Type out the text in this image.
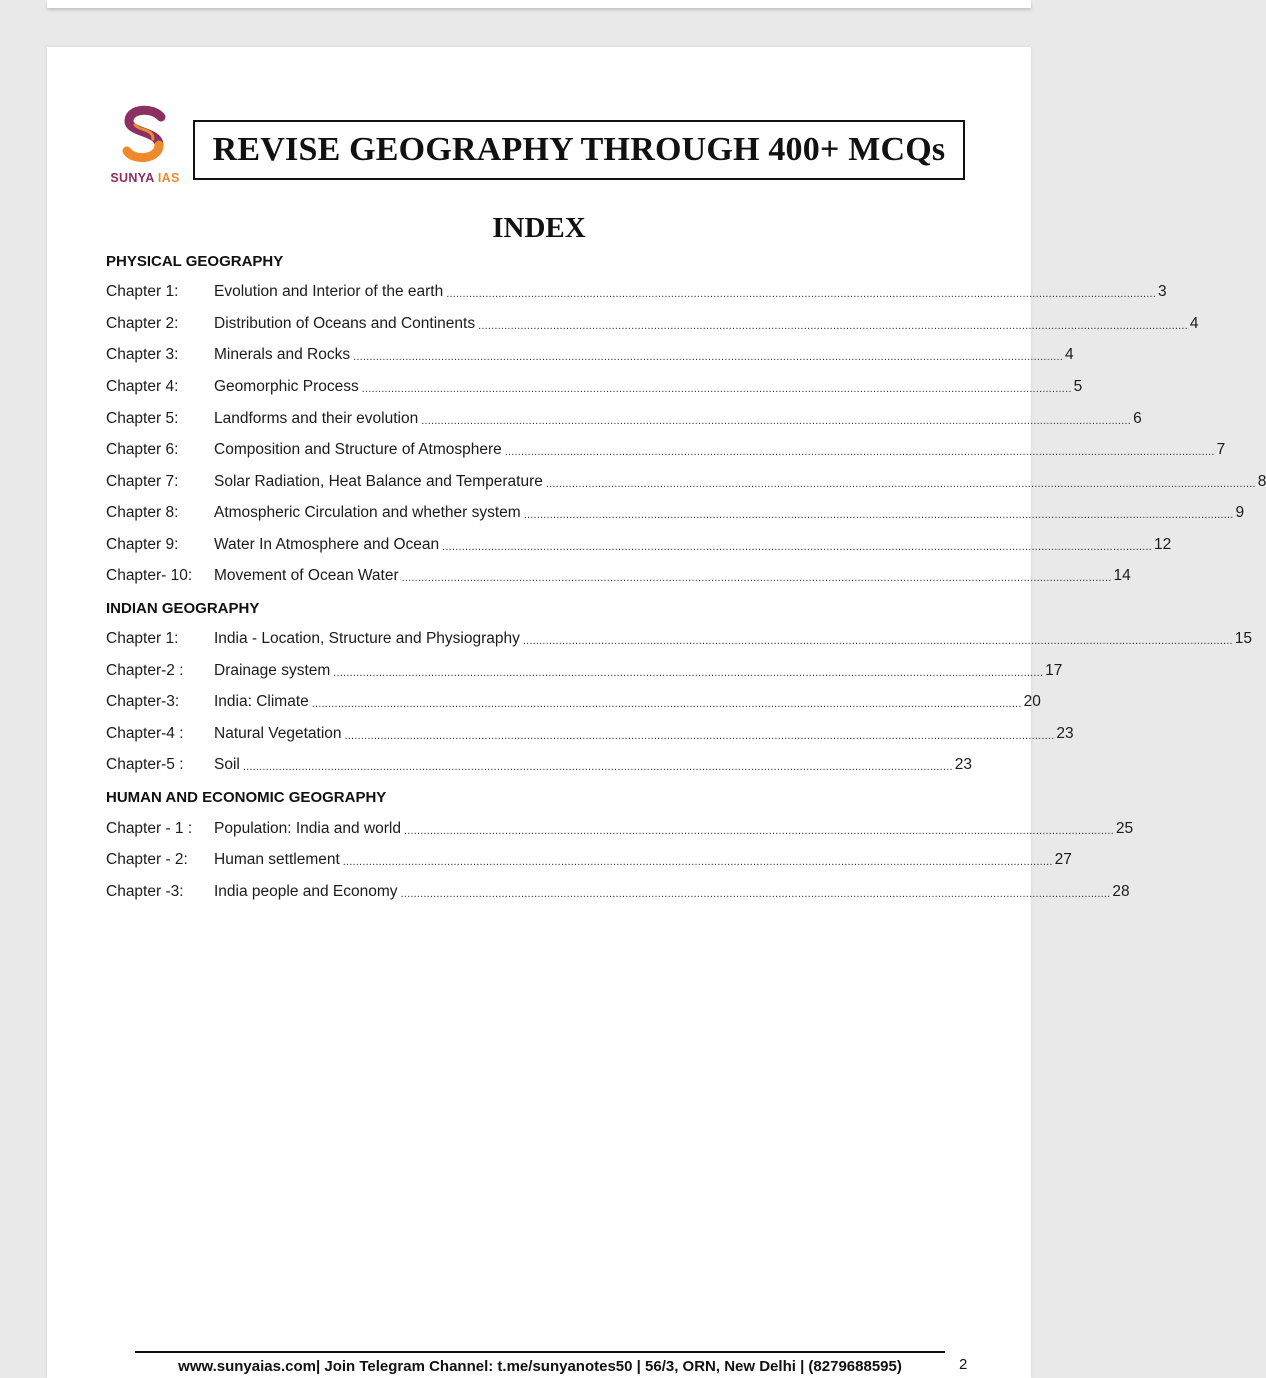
SUNYA IAS
REVISE GEOGRAPHY THROUGH 400+ MCQs
INDEX
PHYSICAL GEOGRAPHY
Chapter 1: Evolution and Interior of the earth .......................................................................................................................................................................................................................... 3
Chapter 2: Distribution of Oceans and Continents .......................................................................................................................................................................................................................... 4
Chapter 3: Minerals and Rocks .......................................................................................................................................................................................................................... 4
Chapter 4: Geomorphic Process .......................................................................................................................................................................................................................... 5
Chapter 5: Landforms and their evolution .......................................................................................................................................................................................................................... 6
Chapter 6: Composition and Structure of Atmosphere .......................................................................................................................................................................................................................... 7
Chapter 7: Solar Radiation, Heat Balance and Temperature .......................................................................................................................................................................................................................... 8
Chapter 8: Atmospheric Circulation and whether system .......................................................................................................................................................................................................................... 9
Chapter 9: Water In Atmosphere and Ocean .......................................................................................................................................................................................................................... 12
Chapter- 10: Movement of Ocean Water .......................................................................................................................................................................................................................... 14
INDIAN GEOGRAPHY
Chapter 1: India - Location, Structure and Physiography .......................................................................................................................................................................................................................... 15
Chapter-2 : Drainage system .......................................................................................................................................................................................................................... 17
Chapter-3: India: Climate .......................................................................................................................................................................................................................... 20
Chapter-4 : Natural Vegetation .......................................................................................................................................................................................................................... 23
Chapter-5 : Soil .......................................................................................................................................................................................................................... 23
HUMAN AND ECONOMIC GEOGRAPHY
Chapter - 1 : Population: India and world .......................................................................................................................................................................................................................... 25
Chapter - 2: Human settlement .......................................................................................................................................................................................................................... 27
Chapter -3: India people and Economy .......................................................................................................................................................................................................................... 28
www.sunyaias.com| Join Telegram Channel: t.me/sunyanotes50 | 56/3, ORN, New Delhi | (8279688595)	2
